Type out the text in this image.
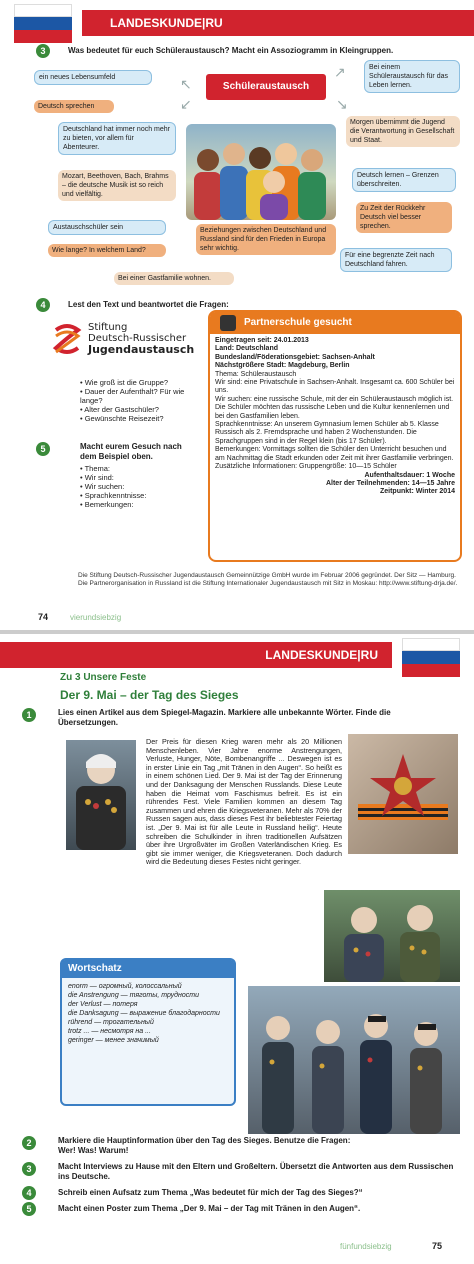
LANDESKUNDE|RU
3	Was bedeutet für euch Schüleraustausch? Macht ein Assoziogramm in Kleingruppen.
ein neues Lebensumfeld
Deutsch sprechen
Deutschland hat immer noch mehr zu bieten, vor allem für Abenteurer.
Mozart, Beethoven, Bach, Brahms – die deutsche Musik ist so reich und vielfältig.
Austauschschüler sein
Wie lange? In welchem Land?
Bei einer Gastfamilie wohnen.
Beziehungen zwischen Deutschland und Russland sind für den Frieden in Europa sehr wichtig.
Bei einem Schüleraustausch für das Leben lernen.
Morgen übernimmt die Jugend die Verantwortung in Gesellschaft und Staat.
Deutsch lernen – Grenzen überschreiten.
Zu Zeit der Rückkehr Deutsch viel besser sprechen.
Für eine begrenzte Zeit nach Deutschland fahren.
Schüleraustausch
↖
↗
↘
↙
4	Lest den Text und beantwortet die Fragen:
Stiftung
Deutsch-Russischer
Jugendaustausch
• Wie groß ist die Gruppe?
• Dauer der Aufenthalt? Für wie lange?
• Alter der Gastschüler?
• Gewünschte Reisezeit?
5	Macht eurem Gesuch nach dem Beispiel oben.
• Thema:
• Wir sind:
• Wir suchen:
• Sprachkenntnisse:
• Bemerkungen:
Partnerschule gesucht
Eingetragen seit: 24.01.2013
Land: Deutschland
Bundesland/Föderationsgebiet: Sachsen-Anhalt
Nächstgrößere Stadt: Magdeburg, Berlin
Thema: Schüleraustausch
Wir sind: eine Privatschule in Sachsen-Anhalt. Insgesamt ca. 600 Schüler bei uns.
Wir suchen: eine russische Schule, mit der ein Schüleraustausch möglich ist. Die Schüler möchten das russische Leben und die Kultur kennenlernen und bei den Gastfamilien leben.
Sprachkenntnisse: An unserem Gymnasium lernen Schüler ab 5. Klasse Russisch als 2. Fremdsprache und haben 2 Wochenstunden. Die Sprachgruppen sind in der Regel klein (bis 17 Schüler).
Bemerkungen: Vormittags sollten die Schüler den Unterricht besuchen und am Nachmittag die Stadt erkunden oder Zeit mit ihrer Gastfamilie verbringen.
Zusätzliche Informationen: Gruppengröße: 10—15 Schüler
Aufenthaltsdauer: 1 Woche
Alter der Teilnehmenden: 14—15 Jahre
Zeitpunkt: Winter 2014
Die Stiftung Deutsch-Russischer Jugendaustausch Gemeinnützige GmbH wurde im Februar 2006 gegründet. Der Sitz — Hamburg. Die Partnerorganisation in Russland ist die Stiftung Internationaler Jugendaustausch mit Sitz in Moskau: http://www.stiftung-drja.de/.
74	vierundsiebzig
LANDESKUNDE|RU
Zu 3 Unsere Feste
Der 9. Mai – der Tag des Sieges
1	Lies einen Artikel aus dem Spiegel-Magazin. Markiere alle unbekannte Wörter. Finde die Übersetzungen.
Der Preis für diesen Krieg waren mehr als 20 Millionen Menschenleben. Vier Jahre enorme Anstrengungen, Verluste, Hunger, Nöte, Bombenangriffe ... Deswegen ist es in erster Linie ein Tag „mit Tränen in den Augen“. So heißt es in einem schönen Lied. Der 9. Mai ist der Tag der Erinnerung und der Danksagung der Menschen Russlands. Diese Leute haben die Heimat vom Faschismus befreit. Es ist ein rührendes Fest. Viele Familien kommen an diesem Tag zusammen und ehren die Kriegsveteranen. Mehr als 70% der Russen sagen aus, dass dieses Fest ihr beliebtester Feiertag ist. „Der 9. Mai ist für alle Leute in Russland heilig“. Heute schreiben die Schulkinder in ihren traditionellen Aufsätzen über ihre Urgroßväter im Großen Vaterländischen Krieg. Es gibt sie immer weniger, die Kriegsveteranen. Doch dadurch wird die Bedeutung dieses Festes nicht geringer.
Wortschatz
enorm — огромный, колоссальный
die Anstrengung — тяготы, трудности
der Verlust — потеря
die Danksagung — выражение благодарности
rührend — трогательный
trotz ... — несмотря на ...
geringer — менее значимый
2	Markiere die Hauptinformation über den Tag des Sieges. Benutze die Fragen: Wer! Was! Warum!
3	Macht Interviews zu Hause mit den Eltern und Großeltern. Übersetzt die Antworten aus dem Russischen ins Deutsche.
4	Schreib einen Aufsatz zum Thema „Was bedeutet für mich der Tag des Sieges?“
5	Macht einen Poster zum Thema „Der 9. Mai – der Tag mit Tränen in den Augen“.
fünfundsiebzig	75
